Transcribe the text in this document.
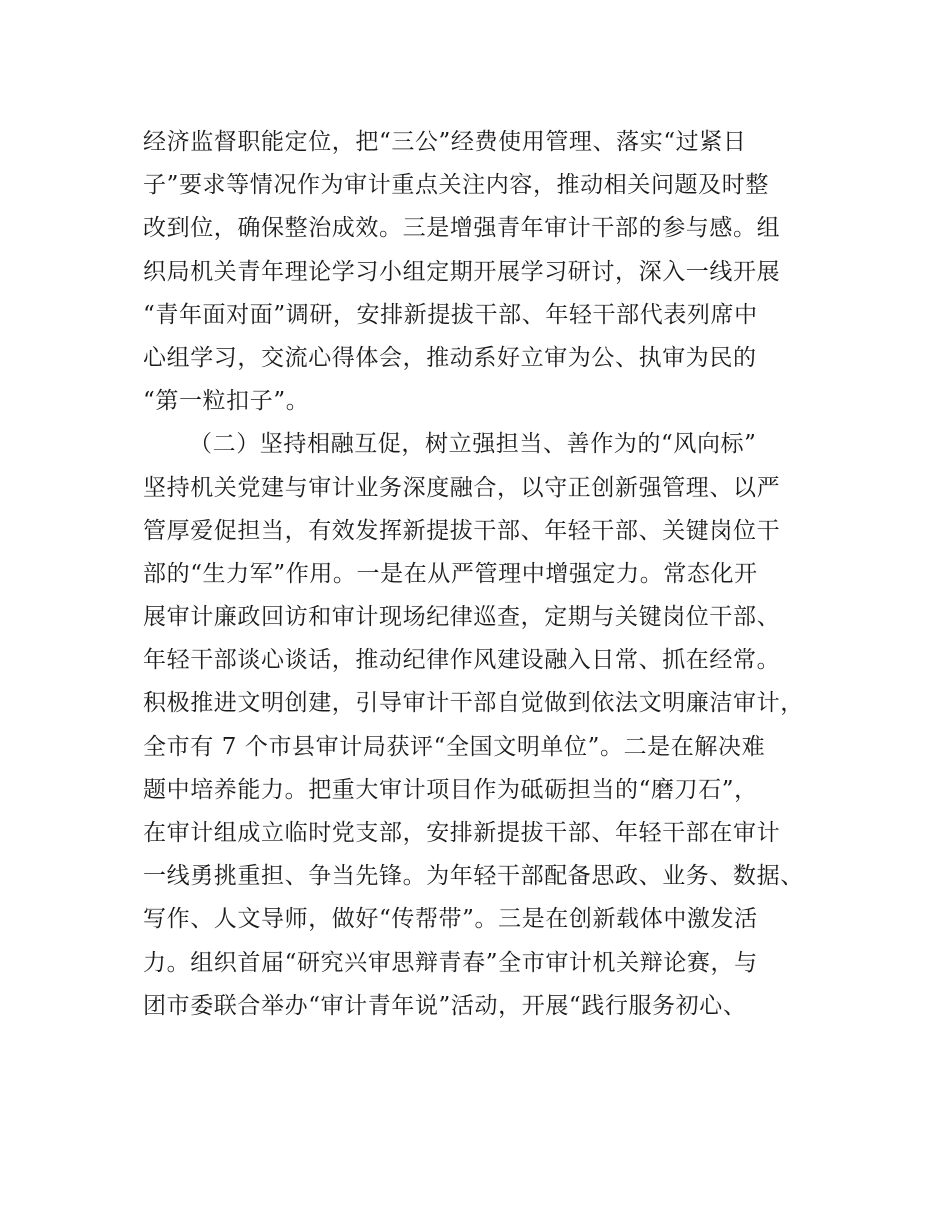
经济监督职能定位，把“三公”经费使用管理、落实“过紧日
子”要求等情况作为审计重点关注内容，推动相关问题及时整
改到位，确保整治成效。三是增强青年审计干部的参与感。组
织局机关青年理论学习小组定期开展学习研讨，深入一线开展
“青年面对面”调研，安排新提拔干部、年轻干部代表列席中
心组学习，交流心得体会，推动系好立审为公、执审为民的
“第一粒扣子”。
（二）坚持相融互促，树立强担当、善作为的“风向标”
坚持机关党建与审计业务深度融合，以守正创新强管理、以严
管厚爱促担当，有效发挥新提拔干部、年轻干部、关键岗位干
部的“生力军”作用。一是在从严管理中增强定力。常态化开
展审计廉政回访和审计现场纪律巡查，定期与关键岗位干部、
年轻干部谈心谈话，推动纪律作风建设融入日常、抓在经常。
积极推进文明创建，引导审计干部自觉做到依法文明廉洁审计，
全市有 7 个市县审计局获评“全国文明单位”。二是在解决难
题中培养能力。把重大审计项目作为砥砺担当的“磨刀石”，
在审计组成立临时党支部，安排新提拔干部、年轻干部在审计
一线勇挑重担、争当先锋。为年轻干部配备思政、业务、数据、
写作、人文导师，做好“传帮带”。三是在创新载体中激发活
力。组织首届“研究兴审思辩青春”全市审计机关辩论赛，与
团市委联合举办“审计青年说”活动，开展“践行服务初心、
